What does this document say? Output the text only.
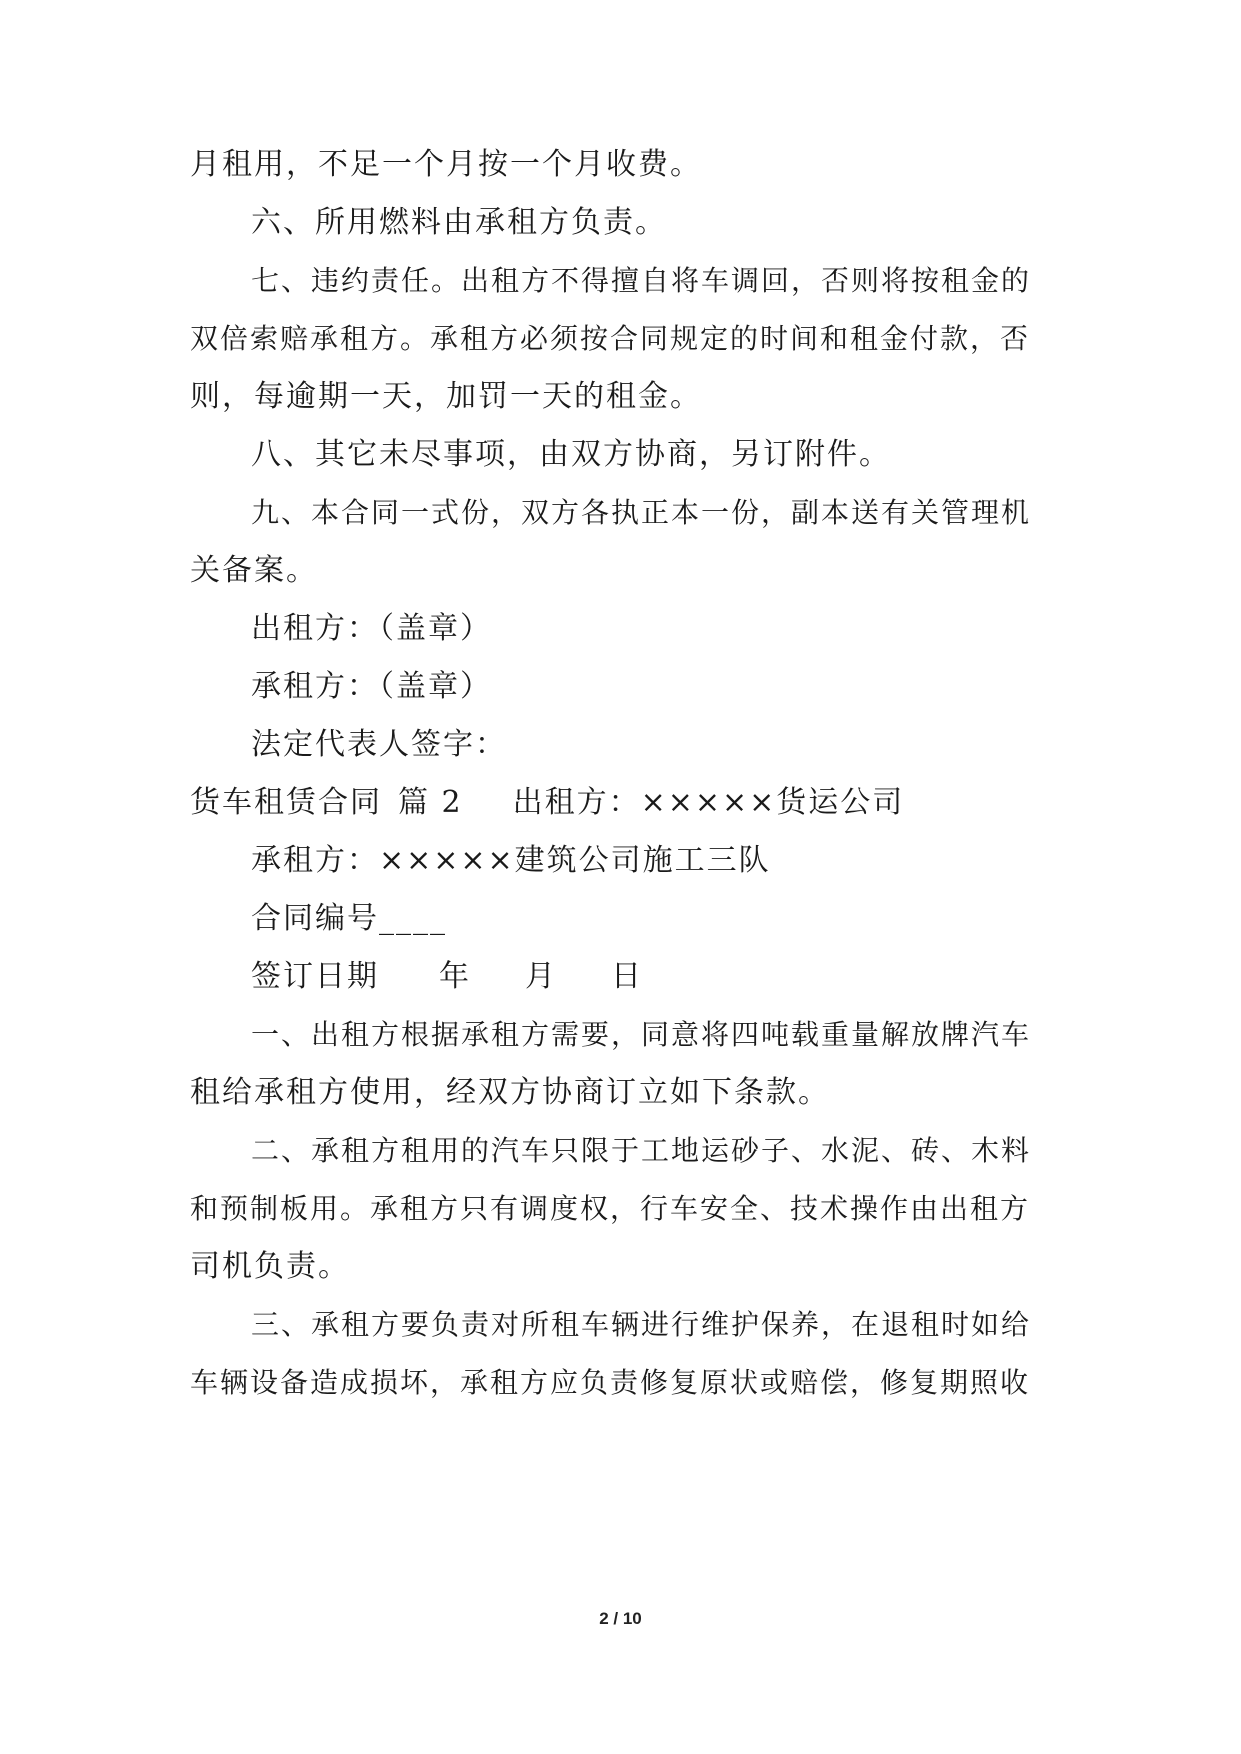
月租用，不足一个月按一个月收费。
六、所用燃料由承租方负责。
七、违约责任。出租方不得擅自将车调回，否则将按租金的
双倍索赔承租方。承租方必须按合同规定的时间和租金付款，否
则，每逾期一天，加罚一天的租金。
八、其它未尽事项，由双方协商，另订附件。
九、本合同一式份，双方各执正本一份，副本送有关管理机
关备案。
出租方：（盖章）
承租方：（盖章）
法定代表人签字：
货车租赁合同 篇 2 出租方：×××××货运公司
承租方：×××××建筑公司施工三队
合同编号____
签订日期 年 月 日
一、出租方根据承租方需要，同意将四吨载重量解放牌汽车
租给承租方使用，经双方协商订立如下条款。
二、承租方租用的汽车只限于工地运砂子、水泥、砖、木料
和预制板用。承租方只有调度权，行车安全、技术操作由出租方
司机负责。
三、承租方要负责对所租车辆进行维护保养，在退租时如给
车辆设备造成损坏，承租方应负责修复原状或赔偿，修复期照收
2 / 10
